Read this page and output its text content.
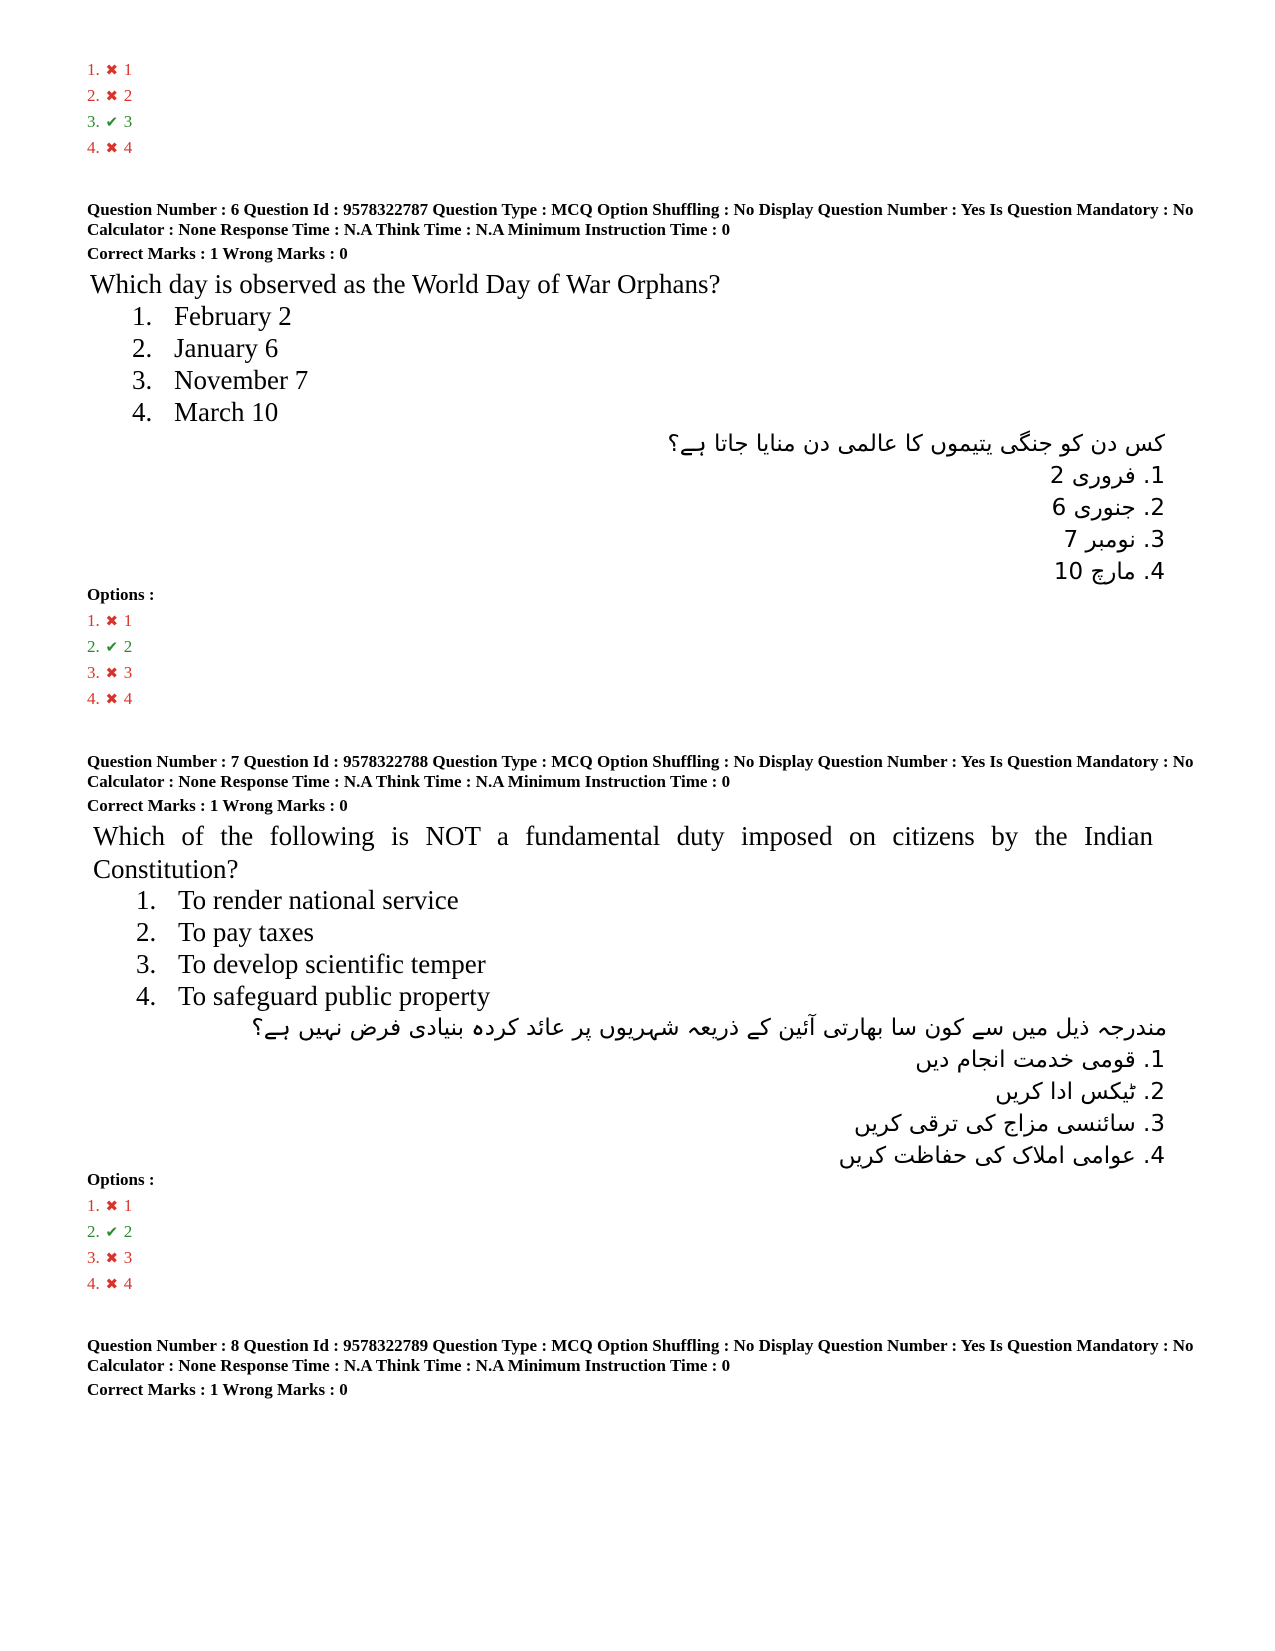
1. ✖ 1
2. ✖ 2
3. ✔ 3
4. ✖ 4
Question Number : 6 Question Id : 9578322787 Question Type : MCQ Option Shuffling : No Display Question Number : Yes Is Question Mandatory : No Calculator : None Response Time : N.A Think Time : N.A Minimum Instruction Time : 0
Correct Marks : 1 Wrong Marks : 0
Which day is observed as the World Day of War Orphans?
1. February 2
2. January 6
3. November 7
4. March 10
کس دن کو جنگی یتیموں کا عالمی دن منایا جاتا ہے؟
1. فروری 2
2. جنوری 6
3. نومبر 7
4. مارچ 10
Options :
1. ✖ 1
2. ✔ 2
3. ✖ 3
4. ✖ 4
Question Number : 7 Question Id : 9578322788 Question Type : MCQ Option Shuffling : No Display Question Number : Yes Is Question Mandatory : No Calculator : None Response Time : N.A Think Time : N.A Minimum Instruction Time : 0
Correct Marks : 1 Wrong Marks : 0
Which of the following is NOT a fundamental duty imposed on citizens by the Indian Constitution?
1. To render national service
2. To pay taxes
3. To develop scientific temper
4. To safeguard public property
مندرجہ ذیل میں سے کون سا بھارتی آئین کے ذریعہ شہریوں پر عائد کردہ بنیادی فرض نہیں ہے؟
1. قومی خدمت انجام دیں
2. ٹیکس ادا کریں
3. سائنسی مزاج کی ترقی کریں
4. عوامی املاک کی حفاظت کریں
Options :
1. ✖ 1
2. ✔ 2
3. ✖ 3
4. ✖ 4
Question Number : 8 Question Id : 9578322789 Question Type : MCQ Option Shuffling : No Display Question Number : Yes Is Question Mandatory : No Calculator : None Response Time : N.A Think Time : N.A Minimum Instruction Time : 0
Correct Marks : 1 Wrong Marks : 0
